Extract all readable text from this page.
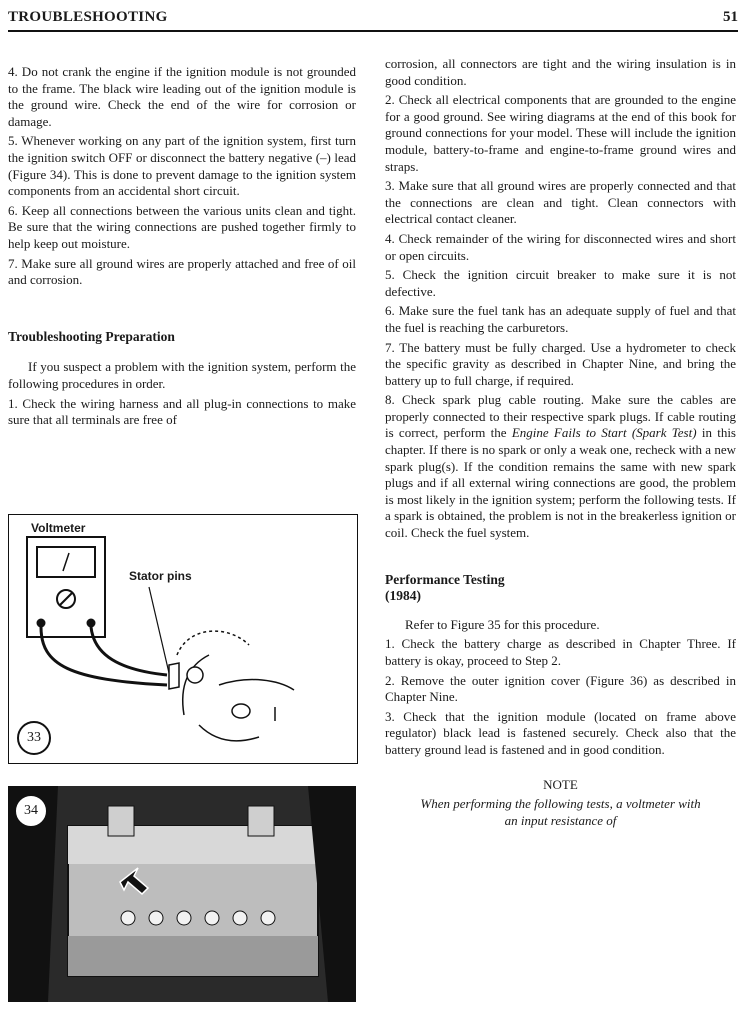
TROUBLESHOOTING	51

4. Do not crank the engine if the ignition module is not grounded to the frame. The black wire leading out of the ignition module is the ground wire. Check the end of the wire for corrosion or damage.

5. Whenever working on any part of the ignition system, first turn the ignition switch OFF or disconnect the battery negative (–) lead (Figure 34). This is done to prevent damage to the ignition system components from an accidental short circuit.

6. Keep all connections between the various units clean and tight. Be sure that the wiring connections are pushed together firmly to help keep out moisture.

7. Make sure all ground wires are properly attached and free of oil and corrosion.

Troubleshooting Preparation

If you suspect a problem with the ignition system, perform the following procedures in order.

1. Check the wiring harness and all plug-in connections to make sure that all terminals are free of

Voltmeter
Stator pins
33
34

corrosion, all connectors are tight and the wiring insulation is in good condition.

2. Check all electrical components that are grounded to the engine for a good ground. See wiring diagrams at the end of this book for ground connections for your model. These will include the ignition module, battery-to-frame and engine-to-frame ground wires and straps.

3. Make sure that all ground wires are properly connected and that the connections are clean and tight. Clean connectors with electrical contact cleaner.

4. Check remainder of the wiring for disconnected wires and short or open circuits.

5. Check the ignition circuit breaker to make sure it is not defective.

6. Make sure the fuel tank has an adequate supply of fuel and that the fuel is reaching the carburetors.

7. The battery must be fully charged. Use a hydrometer to check the specific gravity as described in Chapter Nine, and bring the battery up to full charge, if required.

8. Check spark plug cable routing. Make sure the cables are properly connected to their respective spark plugs. If cable routing is correct, perform the Engine Fails to Start (Spark Test) in this chapter. If there is no spark or only a weak one, recheck with a new spark plug(s). If the condition remains the same with new spark plugs and if all external wiring connections are good, the problem is most likely in the ignition system; perform the following tests. If a spark is obtained, the problem is not in the breakerless ignition or coil. Check the fuel system.

Performance Testing
(1984)

Refer to Figure 35 for this procedure.

1. Check the battery charge as described in Chapter Three. If battery is okay, proceed to Step 2.

2. Remove the outer ignition cover (Figure 36) as described in Chapter Nine.

3. Check that the ignition module (located on frame above regulator) black lead is fastened securely. Check also that the battery ground lead is fastened and in good condition.

NOTE

When performing the following tests, a voltmeter with an input resistance of
